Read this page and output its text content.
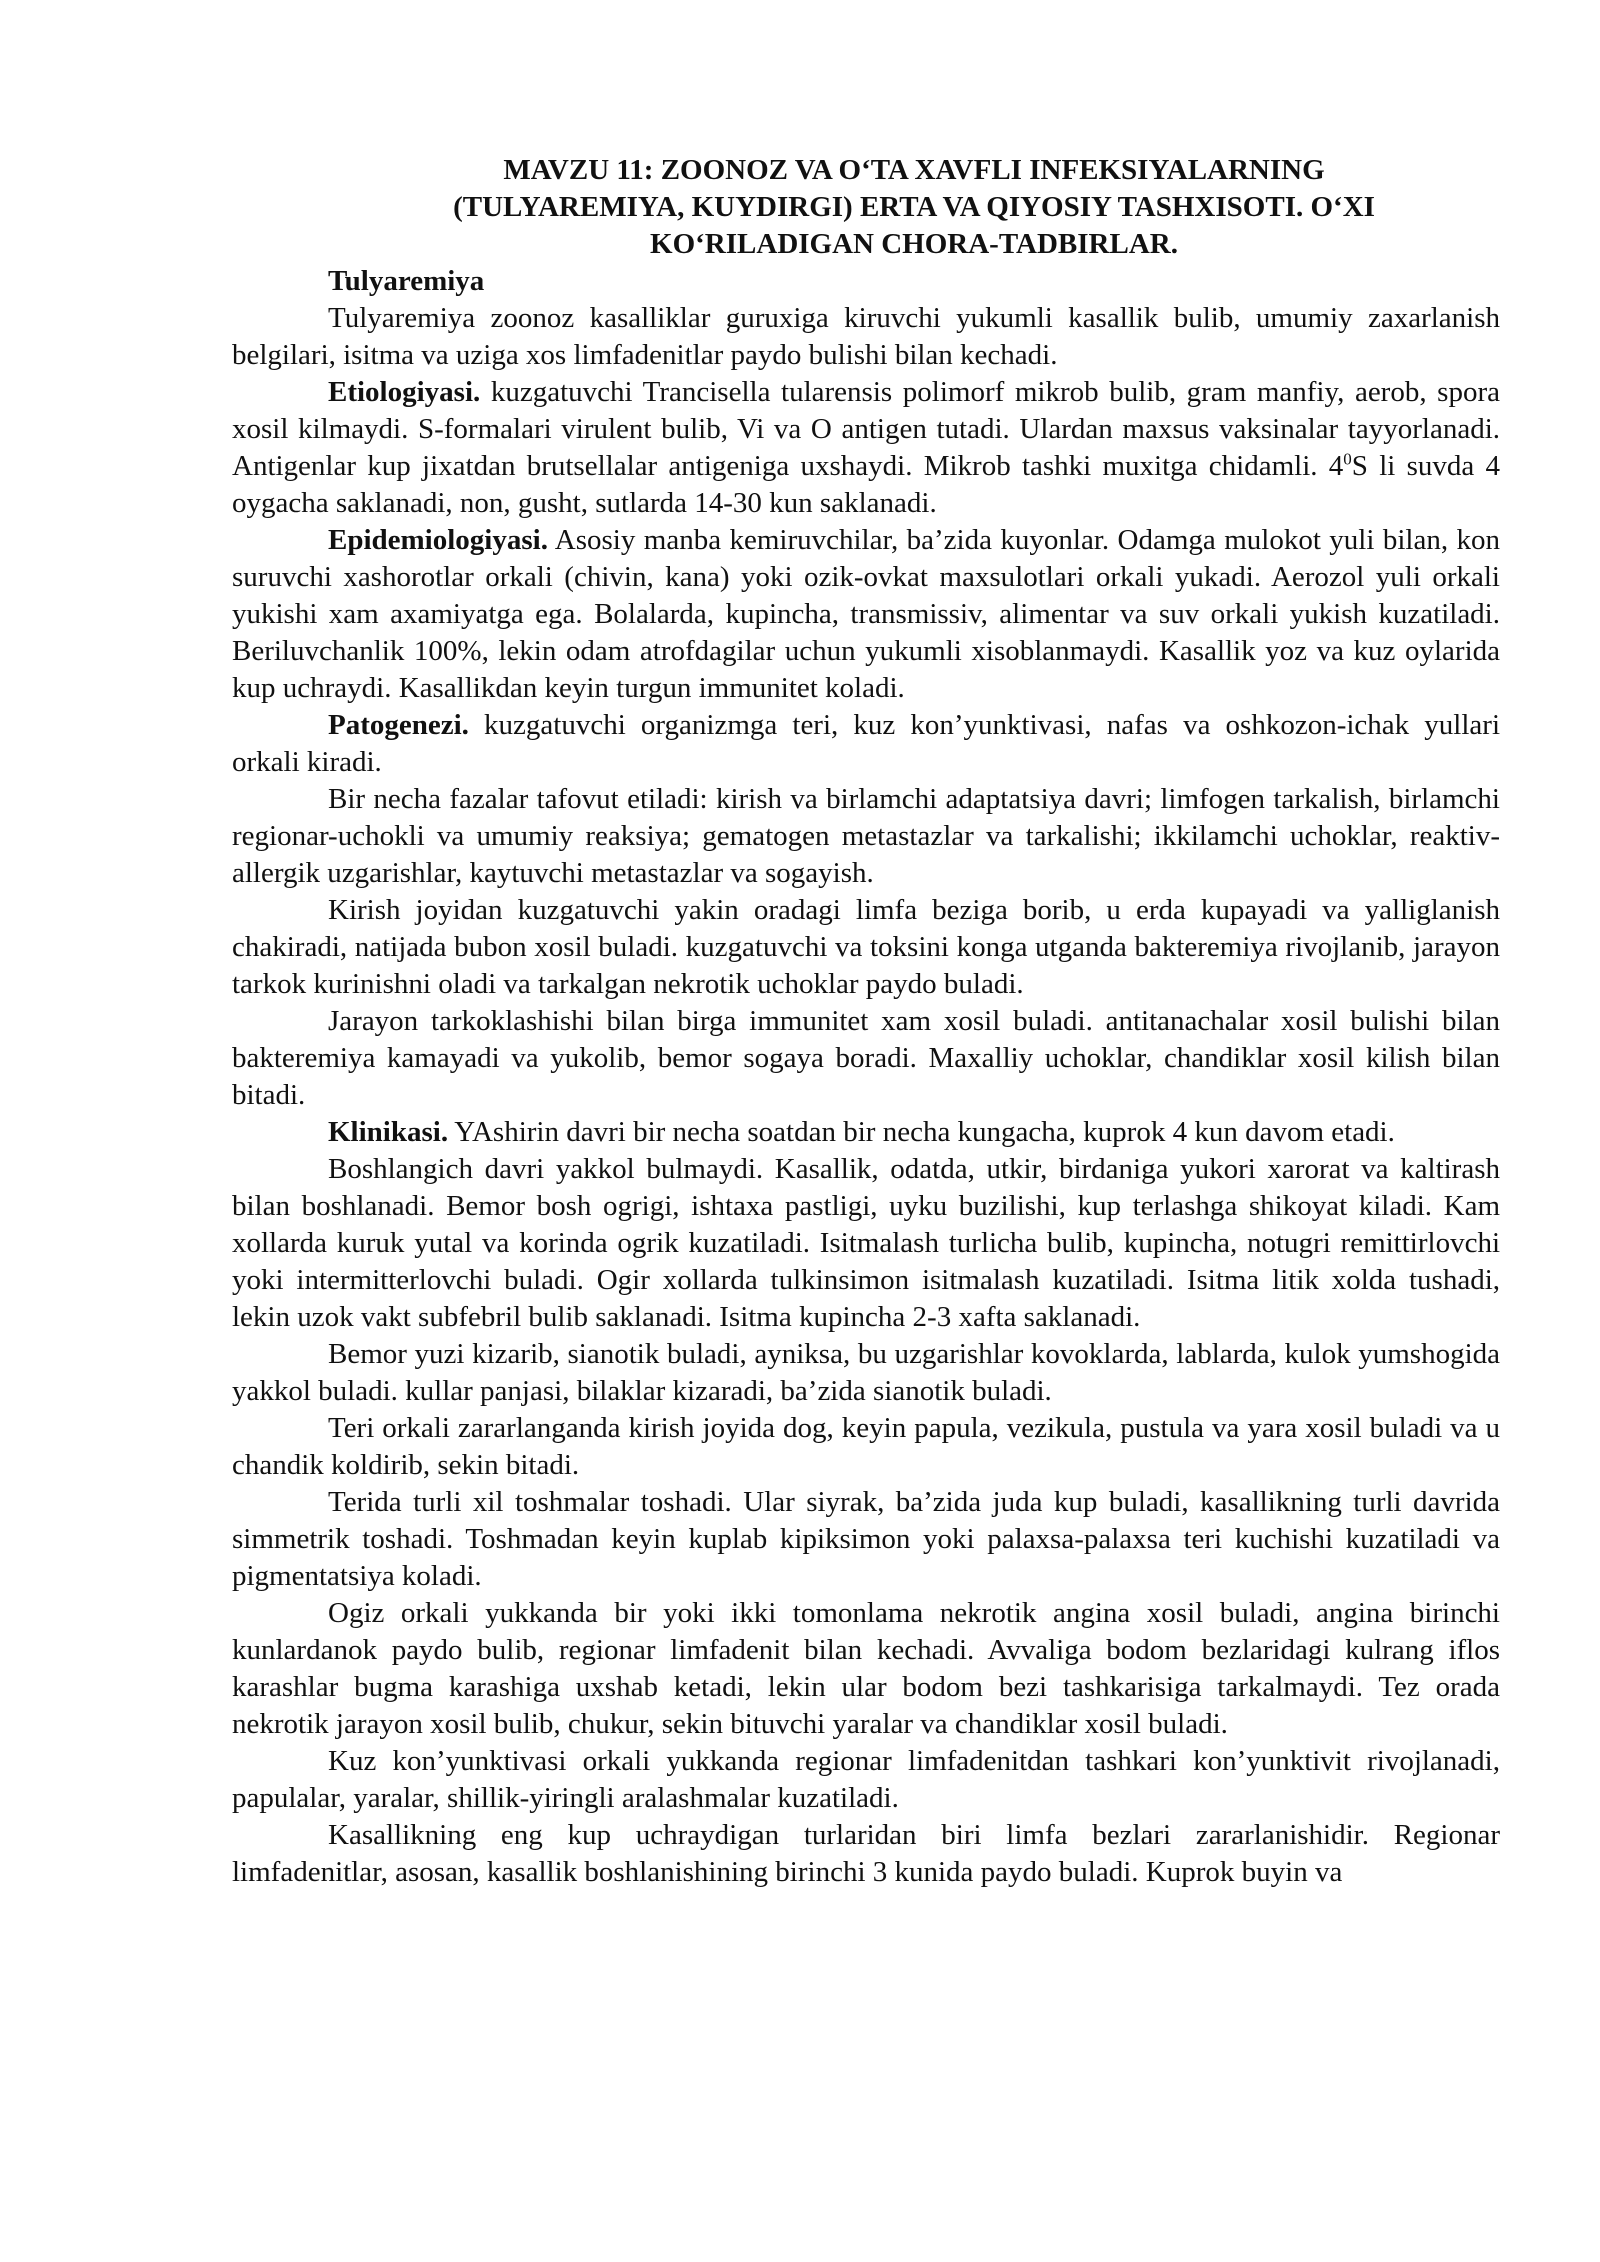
MAVZU 11: ZOONOZ VA OʻTA XAVFLI INFEKSIYALARNING
(TULYAREMIYA, KUYDIRGI) ERTA VA QIYOSIY TASHXISOTI. OʻXI
KOʻRILADIGAN CHORA-TADBIRLAR.

Tulyaremiya

Tulyaremiya zoonoz kasalliklar guruxiga kiruvchi yukumli kasallik bulib, umumiy zaxarlanish belgilari, isitma va uziga xos limfadenitlar paydo bulishi bilan kechadi.

Etiologiyasi. kuzgatuvchi Trancisella tularensis polimorf mikrob bulib, gram manfiy, aerob, spora xosil kilmaydi. S-formalari virulent bulib, Vi va O antigen tutadi. Ulardan maxsus vaksinalar tayyorlanadi. Antigenlar kup jixatdan brutsellalar antigeniga uxshaydi. Mikrob tashki muxitga chidamli. $4^0S$ li suvda 4 oygacha saklanadi, non, gusht, sutlarda 14-30 kun saklanadi.

Epidemiologiyasi. Asosiy manba kemiruvchilar, ba’zida kuyonlar. Odamga mulokot yuli bilan, kon suruvchi xashorotlar orkali (chivin, kana) yoki ozik-ovkat maxsulotlari orkali yukadi. Aerozol yuli orkali yukishi xam axamiyatga ega. Bolalarda, kupincha, transmissiv, alimentar va suv orkali yukish kuzatiladi. Beriluvchanlik 100%, lekin odam atrofdagilar uchun yukumli xisoblanmaydi. Kasallik yoz va kuz oylarida kup uchraydi. Kasallikdan keyin turgun immunitet koladi.

Patogenezi. kuzgatuvchi organizmga teri, kuz kon’yunktivasi, nafas va oshkozon-ichak yullari orkali kiradi.

Bir necha fazalar tafovut etiladi: kirish va birlamchi adaptatsiya davri; limfogen tarkalish, birlamchi regionar-uchokli va umumiy reaksiya; gematogen metastazlar va tarkalishi; ikkilamchi uchoklar, reaktiv-allergik uzgarishlar, kaytuvchi metastazlar va sogayish.

Kirish joyidan kuzgatuvchi yakin oradagi limfa beziga borib, u erda kupayadi va yalliglanish chakiradi, natijada bubon xosil buladi. kuzgatuvchi va toksini konga utganda bakteremiya rivojlanib, jarayon tarkok kurinishni oladi va tarkalgan nekrotik uchoklar paydo buladi.

Jarayon tarkoklashishi bilan birga immunitet xam xosil buladi. antitanachalar xosil bulishi bilan bakteremiya kamayadi va yukolib, bemor sogaya boradi. Maxalliy uchoklar, chandiklar xosil kilish bilan bitadi.

Klinikasi. YAshirin davri bir necha soatdan bir necha kungacha, kuprok 4 kun davom etadi.

Boshlangich davri yakkol bulmaydi. Kasallik, odatda, utkir, birdaniga yukori xarorat va kaltirash bilan boshlanadi. Bemor bosh ogrigi, ishtaxa pastligi, uyku buzilishi, kup terlashga shikoyat kiladi. Kam xollarda kuruk yutal va korinda ogrik kuzatiladi. Isitmalash turlicha bulib, kupincha, notugri remittirlovchi yoki intermitterlovchi buladi. Ogir xollarda tulkinsimon isitmalash kuzatiladi. Isitma litik xolda tushadi, lekin uzok vakt subfebril bulib saklanadi. Isitma kupincha 2-3 xafta saklanadi.

Bemor yuzi kizarib, sianotik buladi, ayniksa, bu uzgarishlar kovoklarda, lablarda, kulok yumshogida yakkol buladi. kullar panjasi, bilaklar kizaradi, ba’zida sianotik buladi.

Teri orkali zararlanganda kirish joyida dog, keyin papula, vezikula, pustula va yara xosil buladi va u chandik koldirib, sekin bitadi.

Terida turli xil toshmalar toshadi. Ular siyrak, ba’zida juda kup buladi, kasallikning turli davrida simmetrik toshadi. Toshmadan keyin kuplab kipiksimon yoki palaxsa-palaxsa teri kuchishi kuzatiladi va pigmentatsiya koladi.

Ogiz orkali yukkanda bir yoki ikki tomonlama nekrotik angina xosil buladi, angina birinchi kunlardanok paydo bulib, regionar limfadenit bilan kechadi. Avvaliga bodom bezlaridagi kulrang iflos karashlar bugma karashiga uxshab ketadi, lekin ular bodom bezi tashkarisiga tarkalmaydi. Tez orada nekrotik jarayon xosil bulib, chukur, sekin bituvchi yaralar va chandiklar xosil buladi.

Kuz kon’yunktivasi orkali yukkanda regionar limfadenitdan tashkari kon’yunktivit rivojlanadi, papulalar, yaralar, shillik-yiringli aralashmalar kuzatiladi.

Kasallikning eng kup uchraydigan turlaridan biri limfa bezlari zararlanishidir. Regionar limfadenitlar, asosan, kasallik boshlanishining birinchi 3 kunida paydo buladi. Kuprok buyin va
